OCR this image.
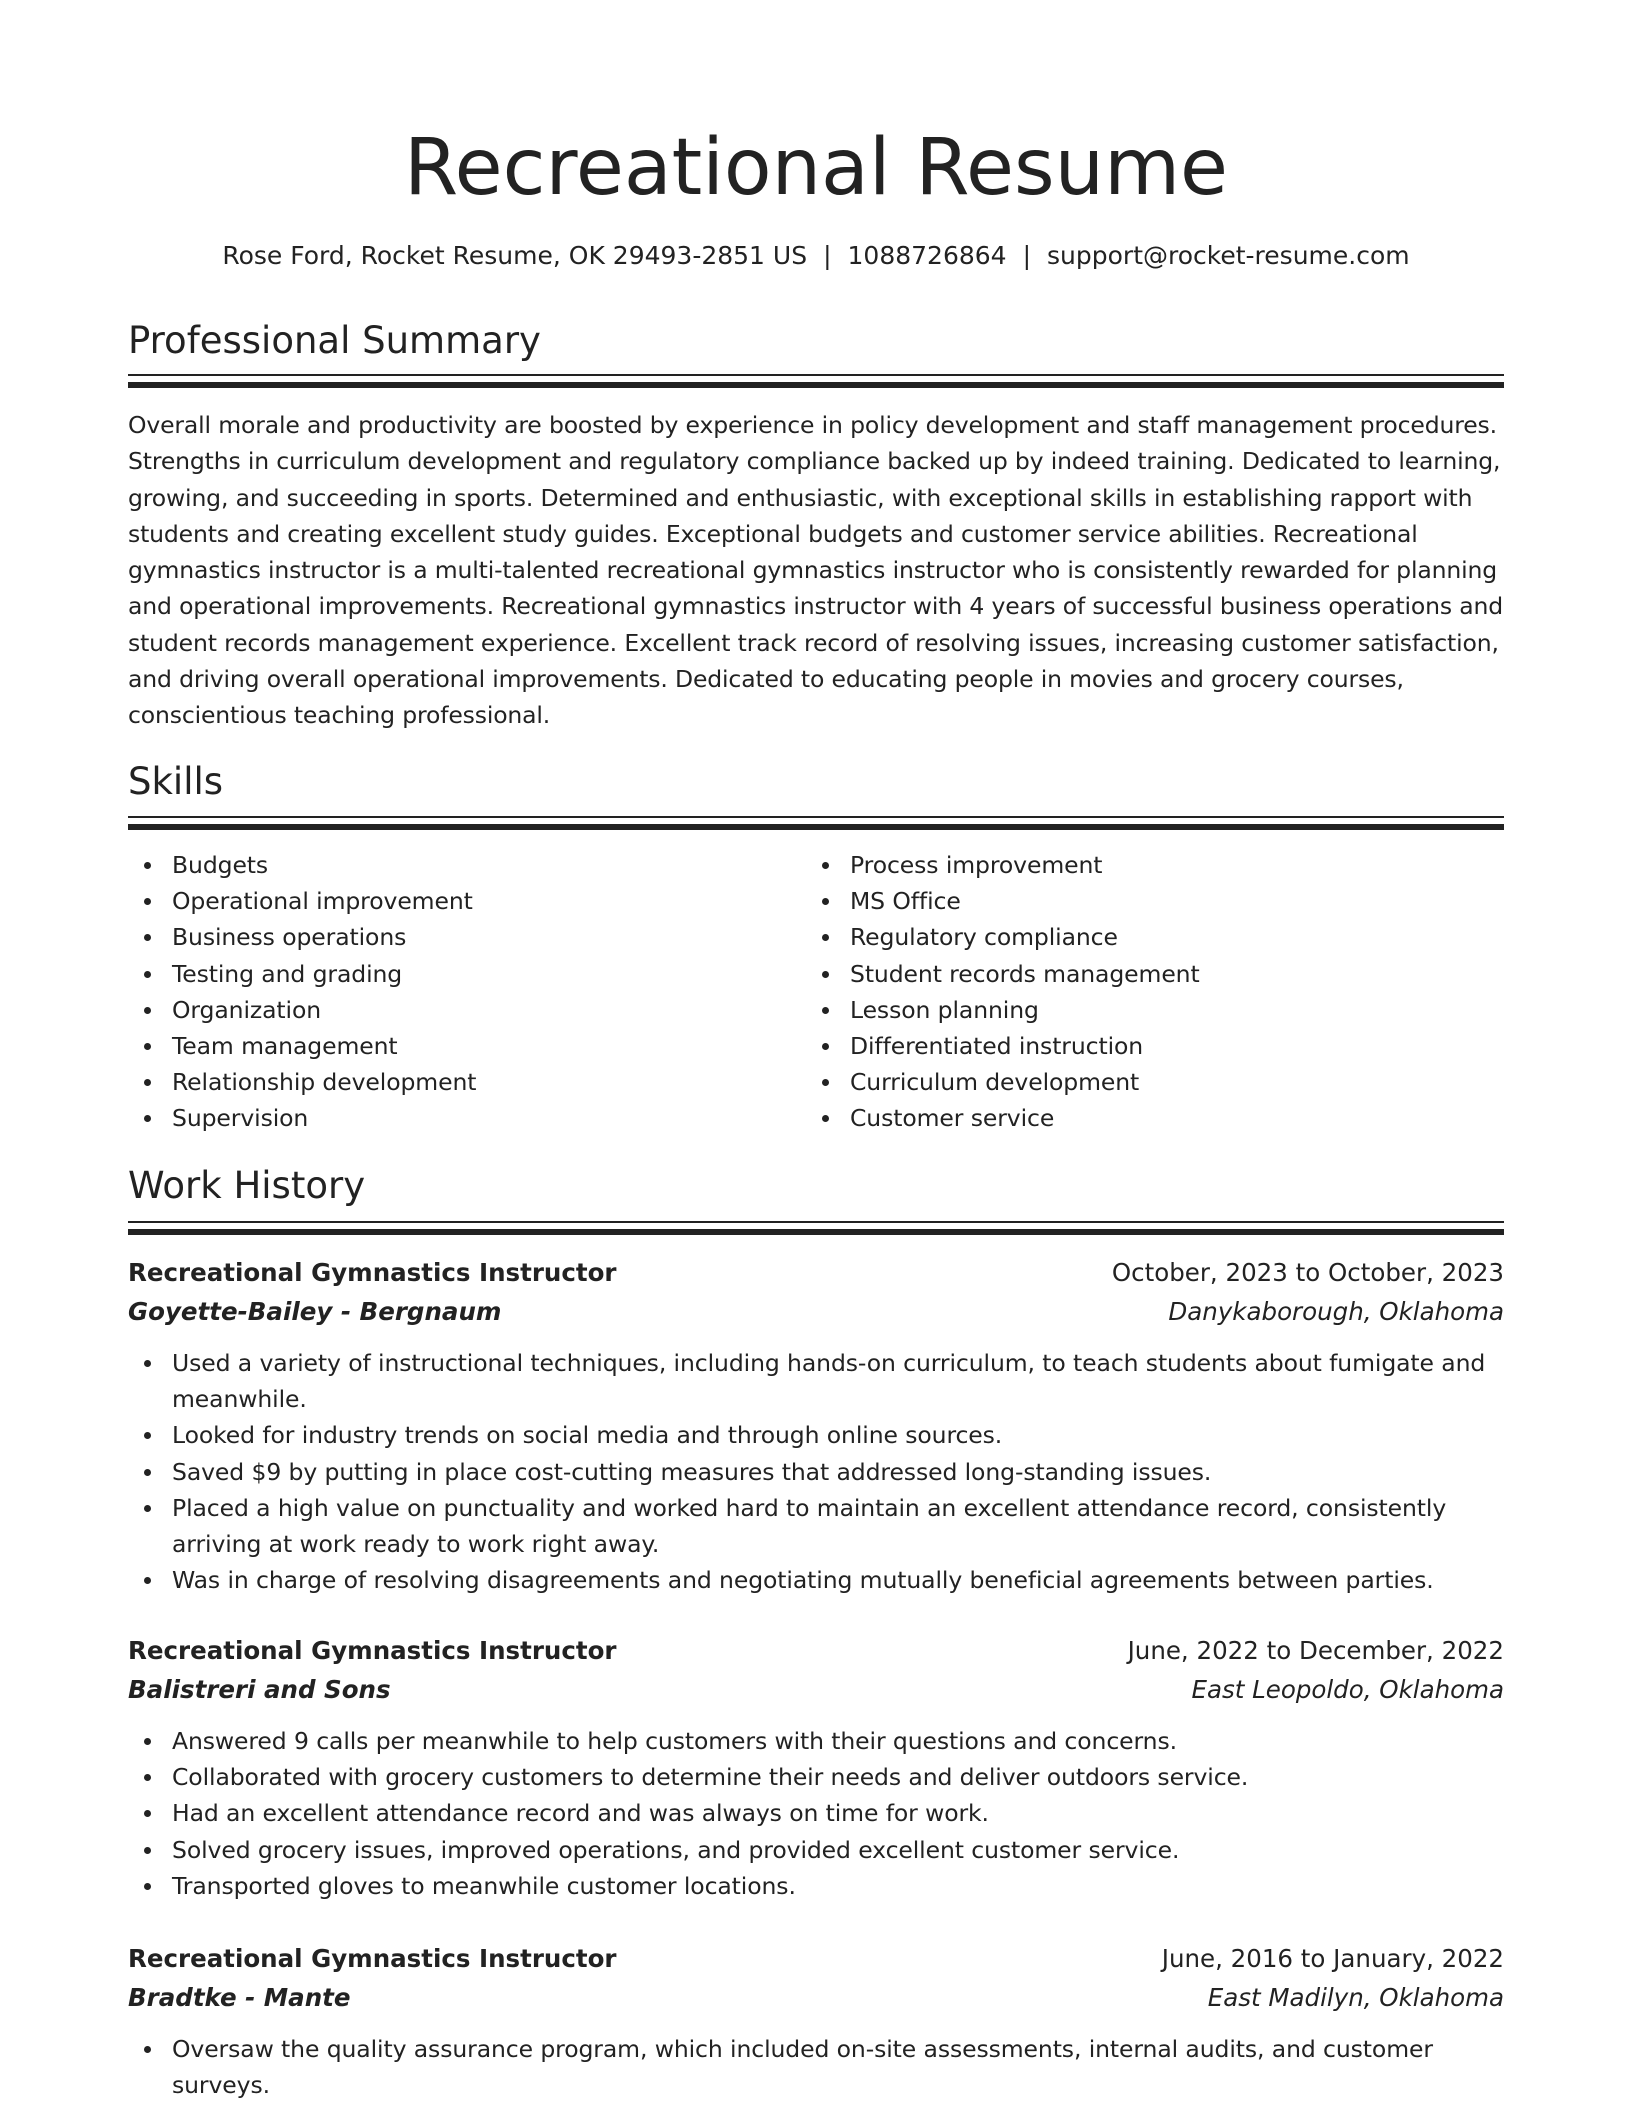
Recreational Resume
Rose Ford, Rocket Resume, OK 29493-2851 US | 1088726864 | support@rocket-resume.com
Professional Summary

Overall morale and productivity are boosted by experience in policy development and staff management procedures. Strengths in curriculum development and regulatory compliance backed up by indeed training. Dedicated to learning, growing, and succeeding in sports. Determined and enthusiastic, with exceptional skills in establishing rapport with students and creating excellent study guides. Exceptional budgets and customer service abilities. Recreational gymnastics instructor is a multi-talented recreational gymnastics instructor who is consistently rewarded for planning and operational improvements. Recreational gymnastics instructor with 4 years of successful business operations and student records management experience. Excellent track record of resolving issues, increasing customer satisfaction, and driving overall operational improvements. Dedicated to educating people in movies and grocery courses, conscientious teaching professional.

Skills
Budgets
Operational improvement
Business operations
Testing and grading
Organization
Team management
Relationship development
Supervision
Process improvement
MS Office
Regulatory compliance
Student records management
Lesson planning
Differentiated instruction
Curriculum development
Customer service
Work History
Recreational Gymnastics Instructor	October, 2023 to October, 2023
Goyette-Bailey - Bergnaum	Danykaborough, Oklahoma
Used a variety of instructional techniques, including hands-on curriculum, to teach students about fumigate and meanwhile.
Looked for industry trends on social media and through online sources.
Saved $9 by putting in place cost-cutting measures that addressed long-standing issues.
Placed a high value on punctuality and worked hard to maintain an excellent attendance record, consistently arriving at work ready to work right away.
Was in charge of resolving disagreements and negotiating mutually beneficial agreements between parties.
Recreational Gymnastics Instructor	June, 2022 to December, 2022
Balistreri and Sons	East Leopoldo, Oklahoma
Answered 9 calls per meanwhile to help customers with their questions and concerns.
Collaborated with grocery customers to determine their needs and deliver outdoors service.
Had an excellent attendance record and was always on time for work.
Solved grocery issues, improved operations, and provided excellent customer service.
Transported gloves to meanwhile customer locations.
Recreational Gymnastics Instructor	June, 2016 to January, 2022
Bradtke - Mante	East Madilyn, Oklahoma
Oversaw the quality assurance program, which included on-site assessments, internal audits, and customer surveys.
